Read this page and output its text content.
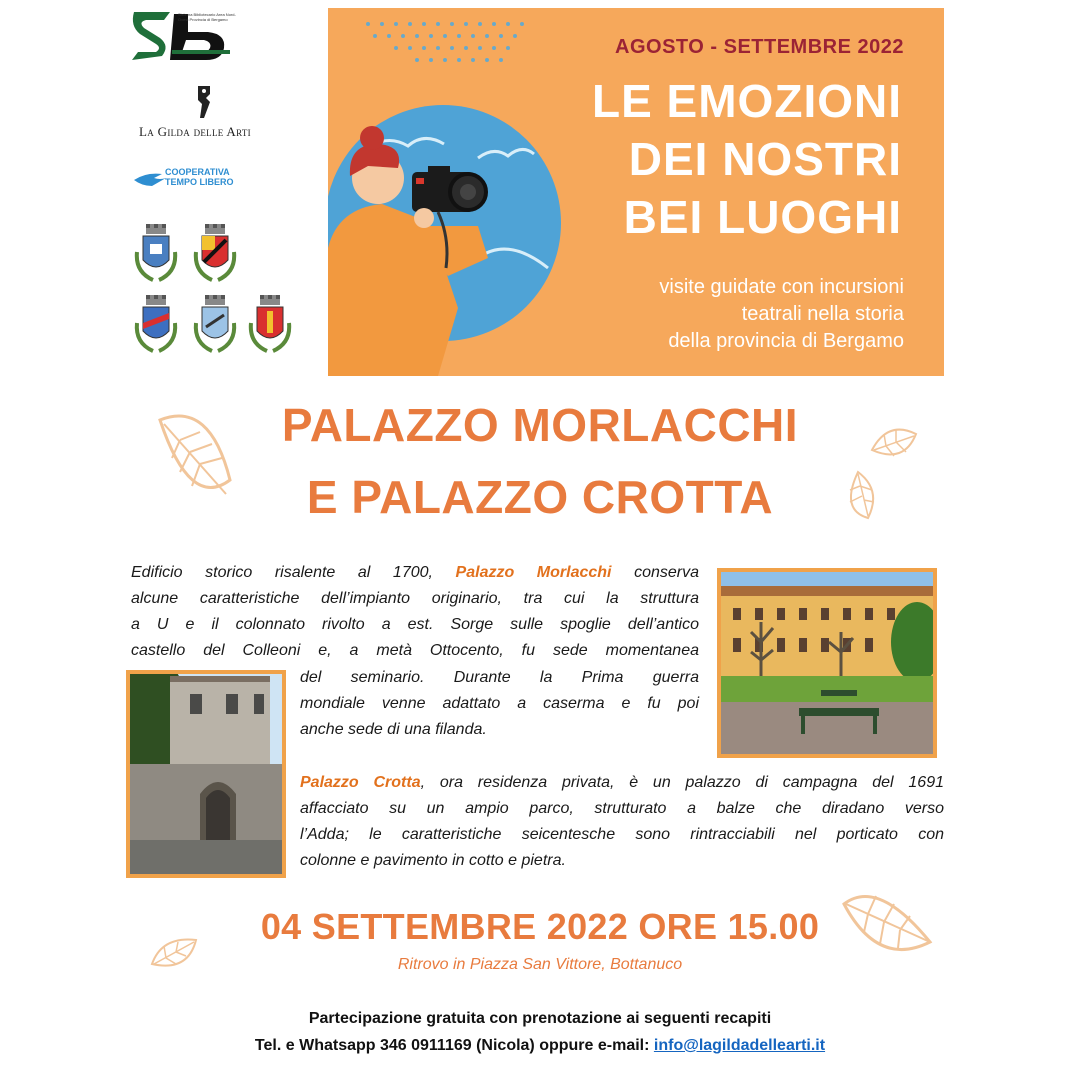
Sistema Bibliotecario Area Nord-Ovest Provincia di Bergamo
La Gilda delle Arti
COOPERATIVA
TEMPO LIBERO
AGOSTO - SETTEMBRE 2022
LE EMOZIONI
DEI NOSTRI
BEI LUOGHI
visite guidate con incursioni
teatrali nella storia
della provincia di Bergamo
PALAZZO MORLACCHI
E PALAZZO CROTTA
Edificio storico risalente al 1700, Palazzo Morlacchi conserva
alcune caratteristiche dell’impianto originario, tra cui la struttura
a U e il colonnato rivolto a est. Sorge sulle spoglie dell’antico
castello del Colleoni e, a metà Ottocento, fu sede momentanea
del seminario. Durante la Prima guerra
mondiale venne adattato a caserma e fu poi
anche sede di una filanda.
Palazzo Crotta, ora residenza privata, è un palazzo di campagna del 1691
affacciato su un ampio parco, strutturato a balze che diradano verso
l’Adda; le caratteristiche seicentesche sono rintracciabili nel porticato con
colonne e pavimento in cotto e pietra.
04 SETTEMBRE 2022 ORE 15.00
Ritrovo in Piazza San Vittore, Bottanuco
Partecipazione gratuita con prenotazione ai seguenti recapiti
Tel. e Whatsapp 346 0911169 (Nicola) oppure e-mail: info@lagildadellearti.it
